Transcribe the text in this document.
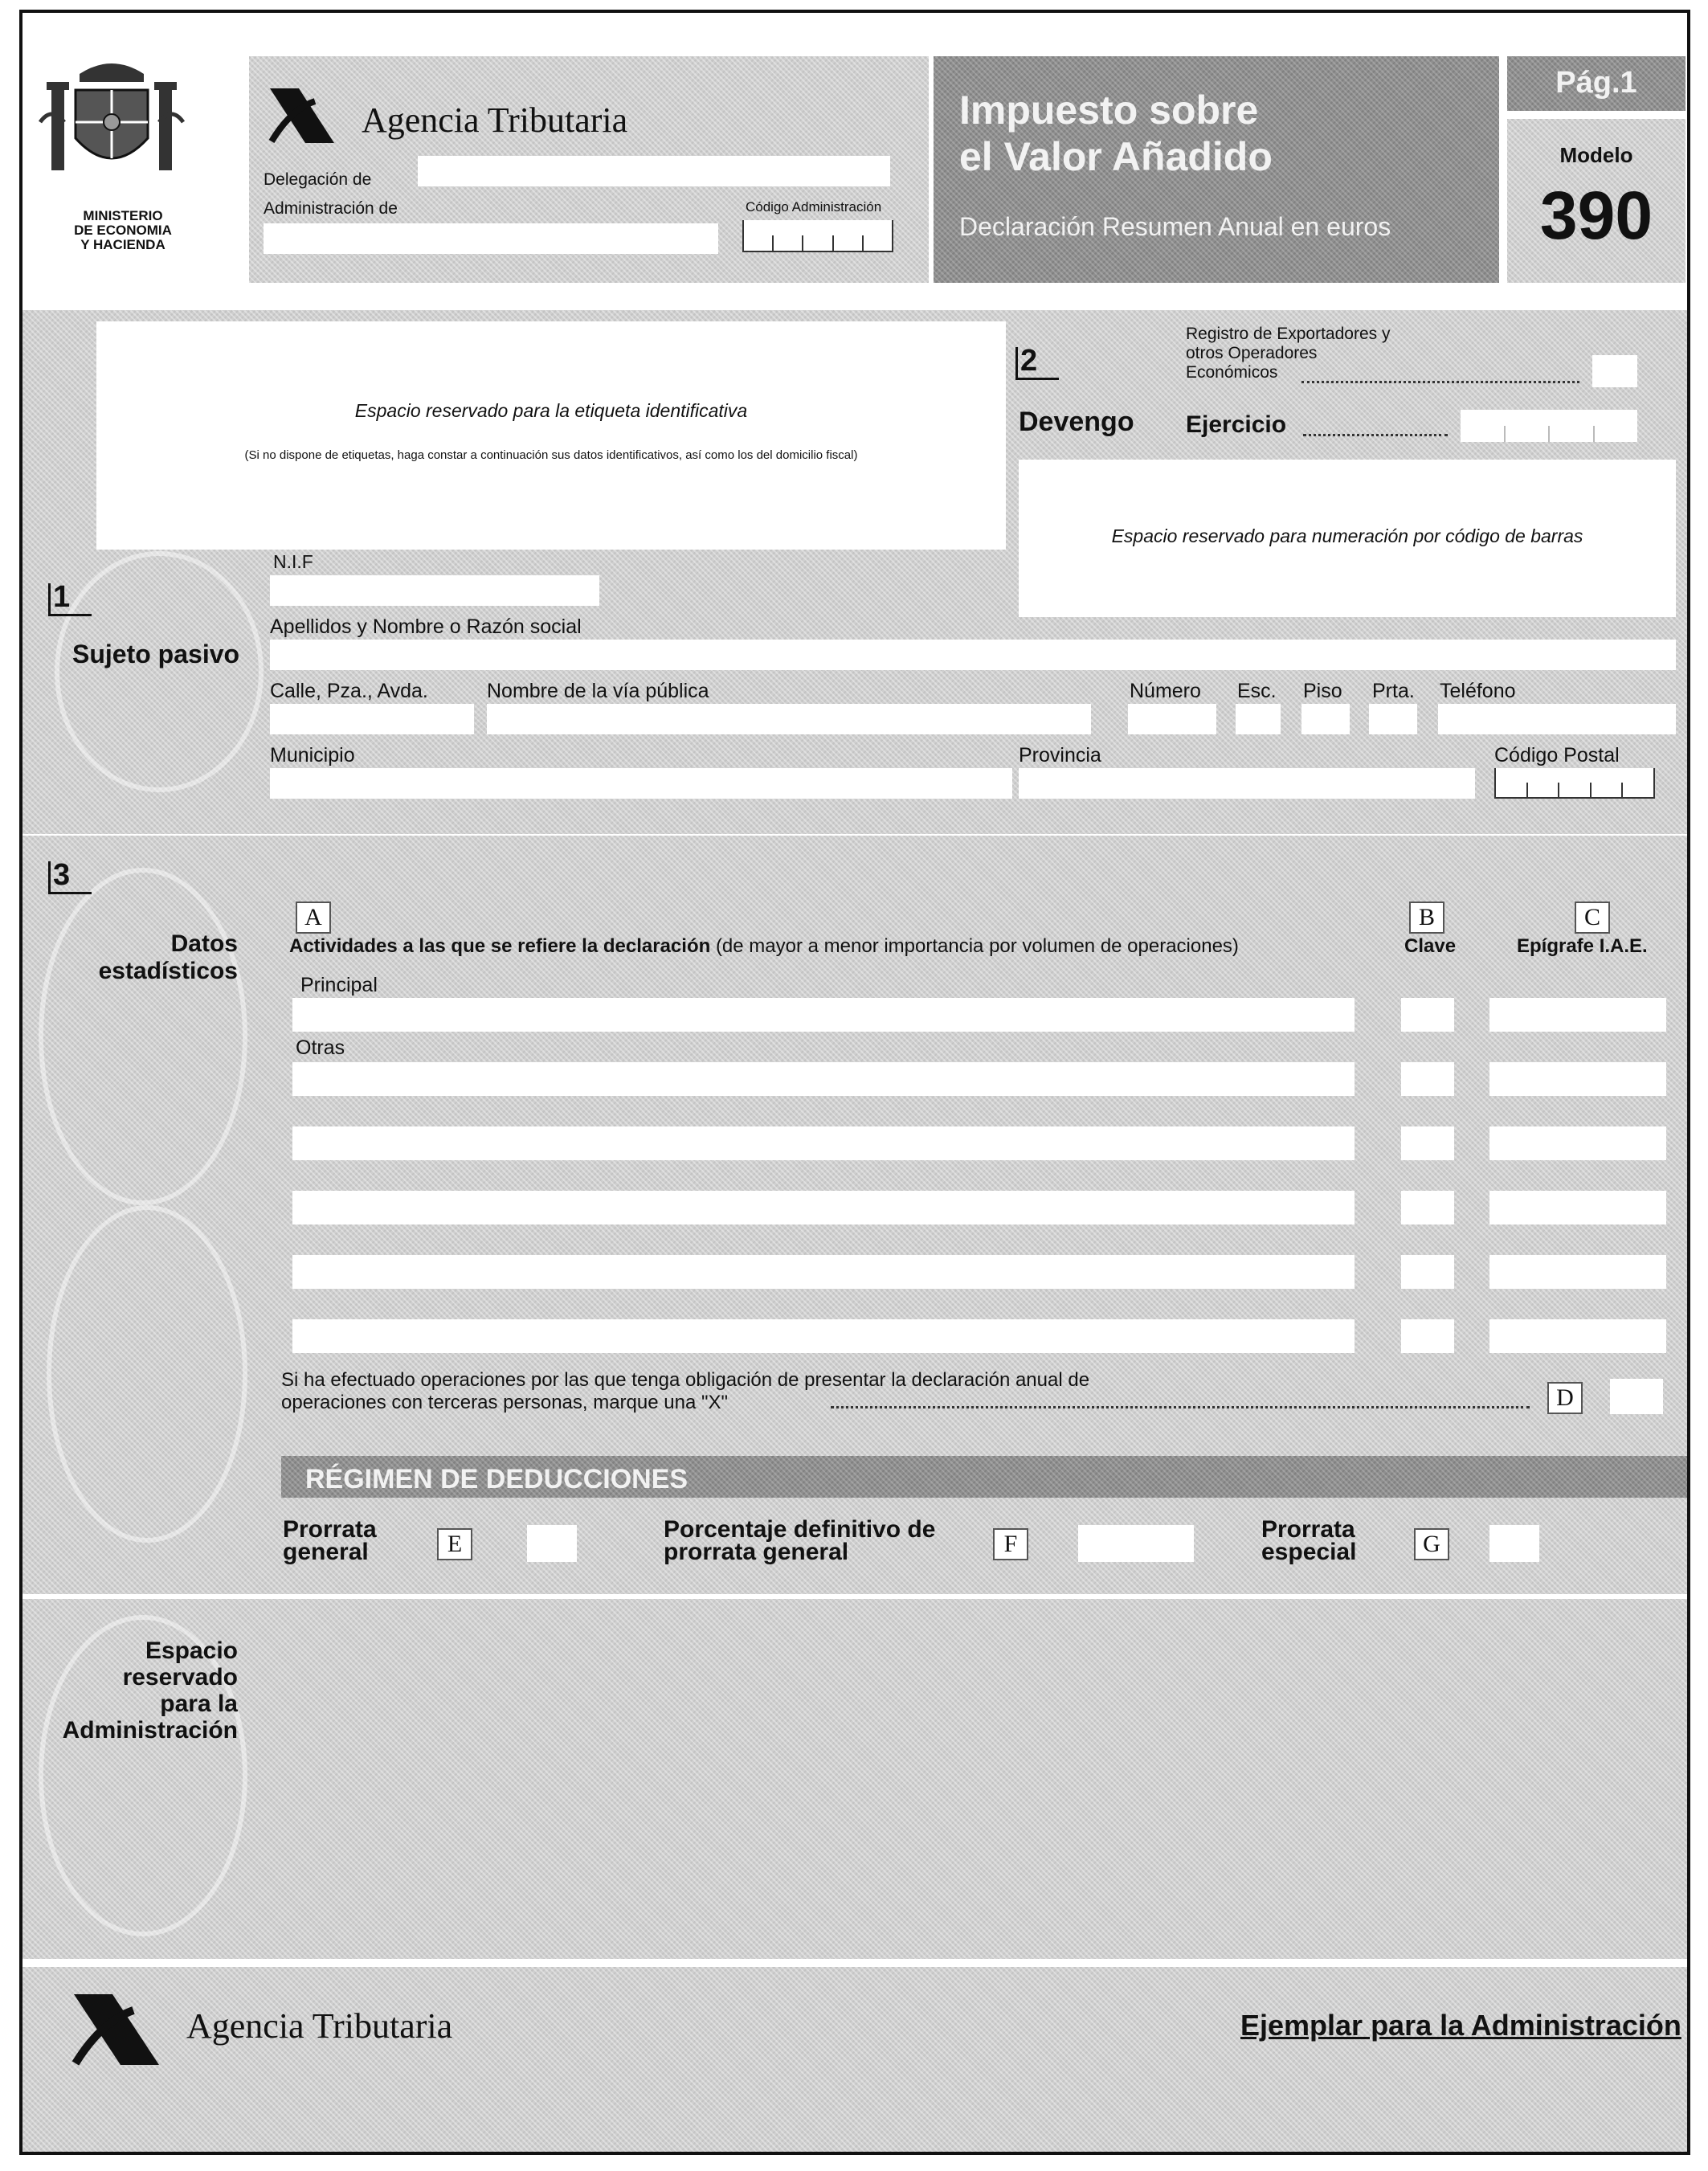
MINISTERIO
DE ECONOMIA
Y HACIENDA
Agencia Tributaria
Delegación de
Administración de	Código Administración
Impuesto sobre
el Valor Añadido
Declaración Resumen Anual en euros
Pág.1
Modelo
390
Espacio reservado para la etiqueta identificativa
(Si no dispone de etiquetas, haga constar a continuación sus datos identificativos, así como los del domicilio fiscal)
2
Devengo
Registro de Exportadores y
otros Operadores
Económicos
Ejercicio
Espacio reservado para numeración por código de barras
1
Sujeto pasivo
N.I.F
Apellidos y Nombre o Razón social
Calle, Pza., Avda.	Nombre de la vía pública	Número Esc. Piso Prta. Teléfono
Municipio	Provincia	Código Postal
3
Datos
estadísticos
A	B	C
Actividades a las que se refiere la declaración (de mayor a menor importancia por volumen de operaciones)	Clave	Epígrafe I.A.E.
Principal
Otras
Si ha efectuado operaciones por las que tenga obligación de presentar la declaración anual de
operaciones con terceras personas, marque una "X"	D
RÉGIMEN DE DEDUCCIONES
Prorrata
general	E
Porcentaje definitivo de
prorrata general	F
Prorrata
especial	G
Espacio
reservado
para la
Administración
Agencia Tributaria	Ejemplar para la Administración
